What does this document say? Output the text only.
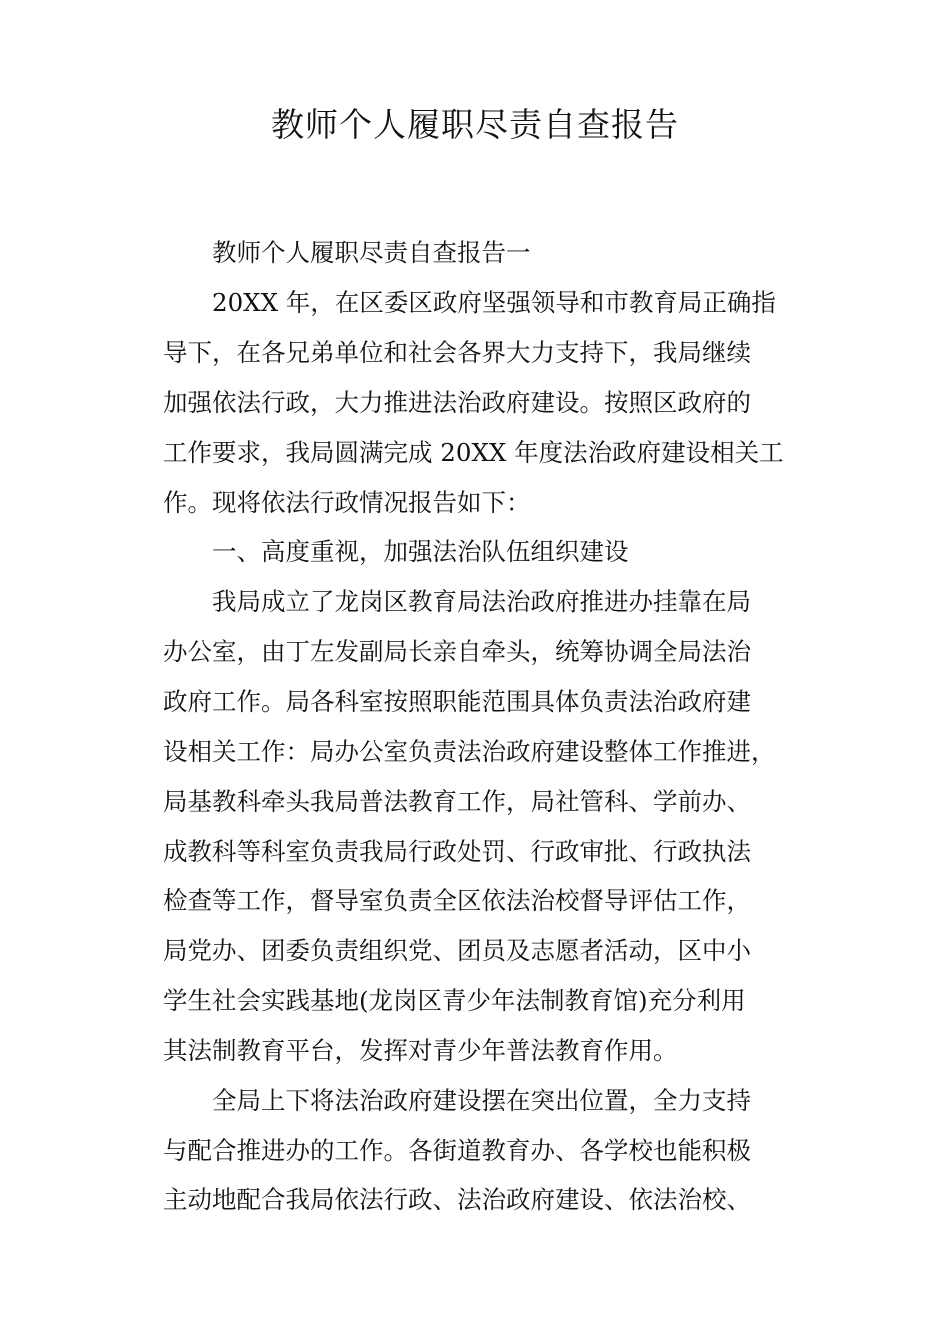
教师个人履职尽责自查报告
教师个人履职尽责自查报告一
20XX 年，在区委区政府坚强领导和市教育局正确指
导下，在各兄弟单位和社会各界大力支持下，我局继续
加强依法行政，大力推进法治政府建设。按照区政府的
工作要求，我局圆满完成 20XX 年度法治政府建设相关工
作。现将依法行政情况报告如下：
一、高度重视，加强法治队伍组织建设
我局成立了龙岗区教育局法治政府推进办挂靠在局
办公室，由丁左发副局长亲自牵头，统筹协调全局法治
政府工作。局各科室按照职能范围具体负责法治政府建
设相关工作：局办公室负责法治政府建设整体工作推进，
局基教科牵头我局普法教育工作，局社管科、学前办、
成教科等科室负责我局行政处罚、行政审批、行政执法
检查等工作，督导室负责全区依法治校督导评估工作，
局党办、团委负责组织党、团员及志愿者活动，区中小
学生社会实践基地(龙岗区青少年法制教育馆)充分利用
其法制教育平台，发挥对青少年普法教育作用。
全局上下将法治政府建设摆在突出位置，全力支持
与配合推进办的工作。各街道教育办、各学校也能积极
主动地配合我局依法行政、法治政府建设、依法治校、
